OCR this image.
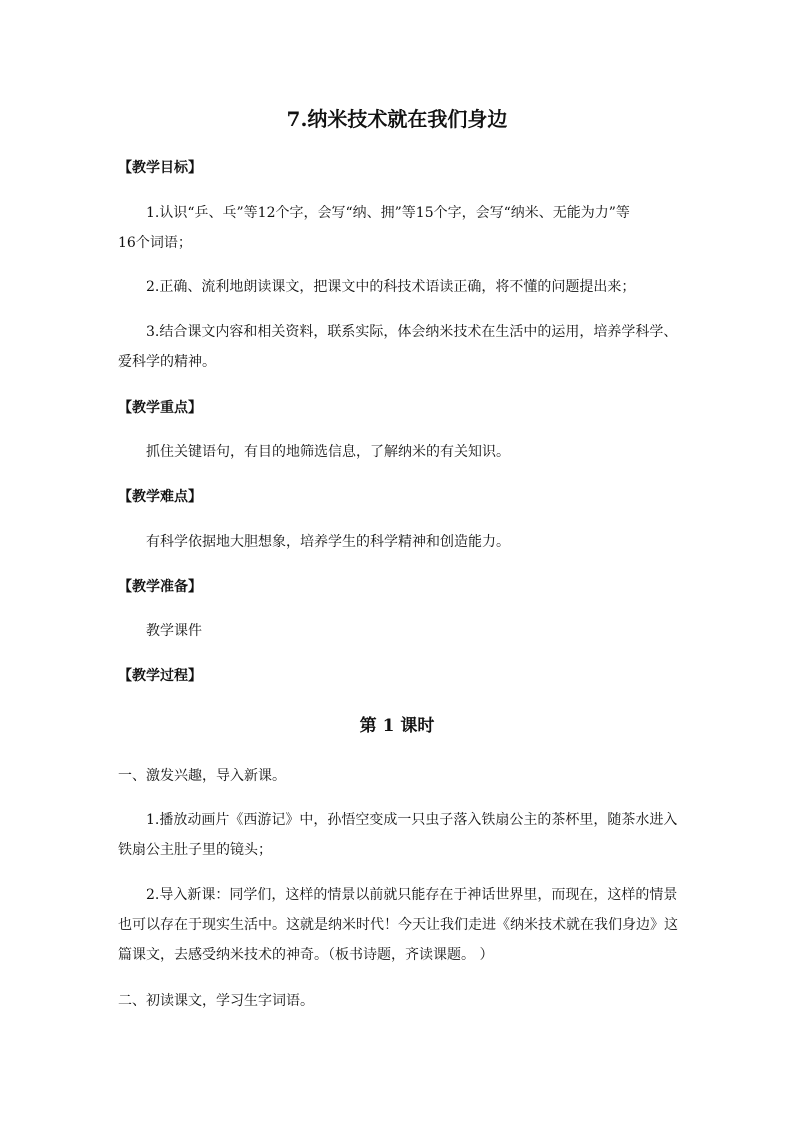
7.纳米技术就在我们身边
【教学目标】
1.认识“乒、乓”等12个字，会写“纳、拥”等15个字，会写“纳米、无能为力”等
16个词语；
2.正确、流利地朗读课文，把课文中的科技术语读正确，将不懂的问题提出来；
3.结合课文内容和相关资料，联系实际，体会纳米技术在生活中的运用，培养学科学、
爱科学的精神。
【教学重点】
抓住关键语句，有目的地筛选信息，了解纳米的有关知识。
【教学难点】
有科学依据地大胆想象，培养学生的科学精神和创造能力。
【教学准备】
教学课件
【教学过程】
第 1 课时
一、激发兴趣，导入新课。
1.播放动画片《西游记》中，孙悟空变成一只虫子落入铁扇公主的茶杯里，随茶水进入
铁扇公主肚子里的镜头；
2.导入新课：同学们，这样的情景以前就只能存在于神话世界里，而现在，这样的情景
也可以存在于现实生活中。这就是纳米时代！今天让我们走进《纳米技术就在我们身边》这
篇课文，去感受纳米技术的神奇。（板书诗题，齐读课题。 ）
二、初读课文，学习生字词语。
